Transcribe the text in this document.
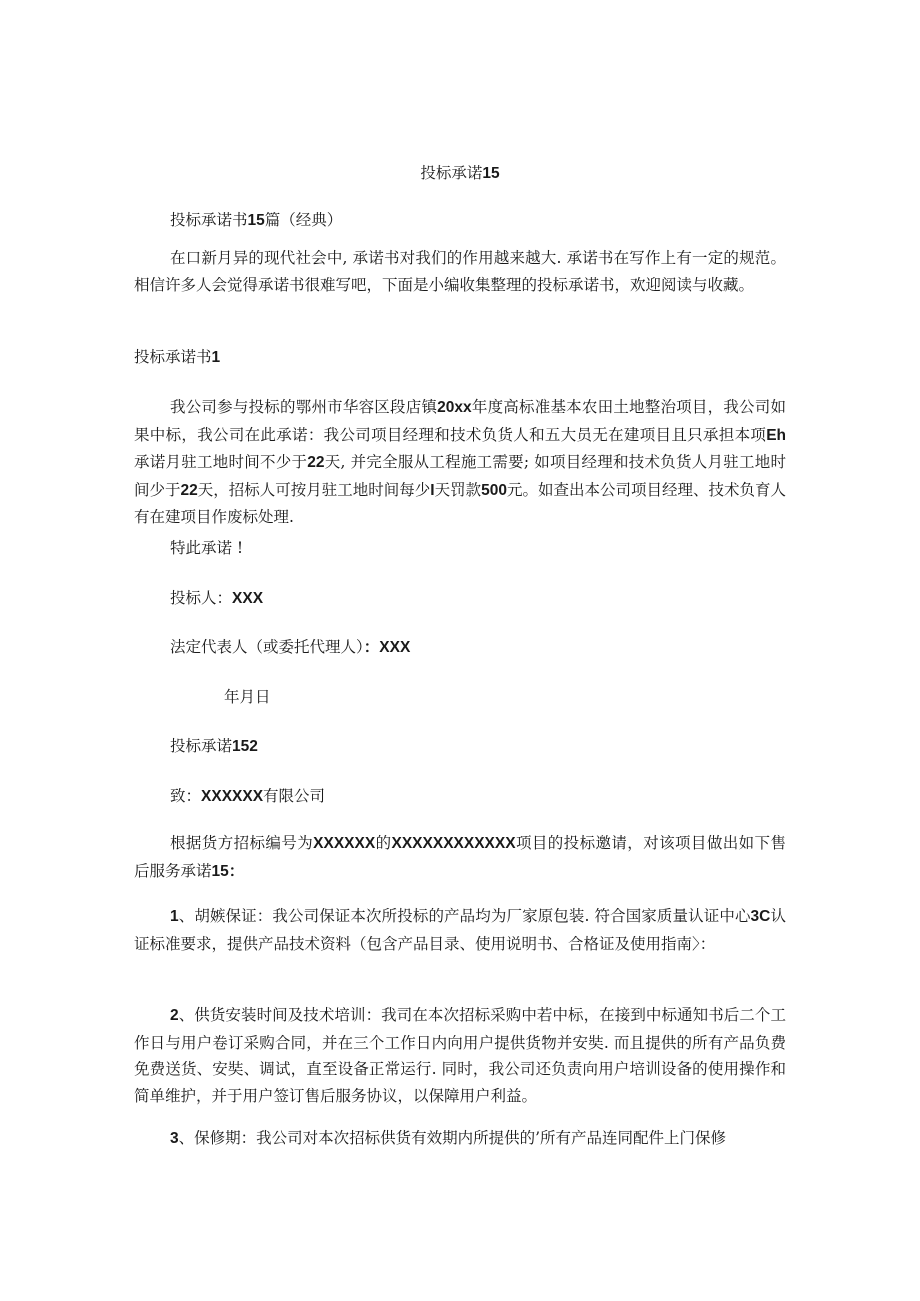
投标承诺15
投标承诺书15篇（经典）
在口新月异的现代社会中, 承诺书对我们的作用越来越大. 承诺书在写作上有一定的规范。相信许多人会觉得承诺书很难写吧，下面是小编收集整理的投标承诺书，欢迎阅读与收藏。
投标承诺书1
我公司参与投标的鄂州市华容区段店镇20xx年度高标准基本农田土地整治项目，我公司如果中标，我公司在此承诺：我公司项目经理和技术负货人和五大员无在建项目且只承担本项Eh承诺月驻工地时间不少于22天, 并完全服从工程施工需要; 如项目经理和技术负货人月驻工地时间少于22天，招标人可按月驻工地时间每少I天罚款500元。如查出本公司项目经理、技术负育人有在建项目作废标处理.
特此承诺 !
投标人：XXX
法定代表人（或委托代理人）：XXX
年月日
投标承诺152
致：XXXXXX有限公司
根据货方招标编号为XXXXXX的XXXXXXXXXXXX项目的投标邀请，对该项目做出如下售后服务承诺15：
1、胡嫉保证：我公司保证本次所投标的产品均为厂家原包装. 符合国家质量认证中心3C认证标准要求，提供产品技术资料（包含产品目录、使用说明书、合格证及使用指南〉：
2、供货安装时间及技术培训：我司在本次招标采购中若中标，在接到中标通知书后二个工作日与用户卷订采购合同，并在三个工作日内向用户提供货物并安奘. 而且提供的所有产品负费免费送货、安奘、调试，直至设备正常运行. 同时，我公司还负责向用户培训设备的使用操作和简单维护，并于用户签订售后服务协议，以保障用户利益。
3、保修期：我公司对本次招标供货有效期内所提供的’所有产品连同配件上门保修
